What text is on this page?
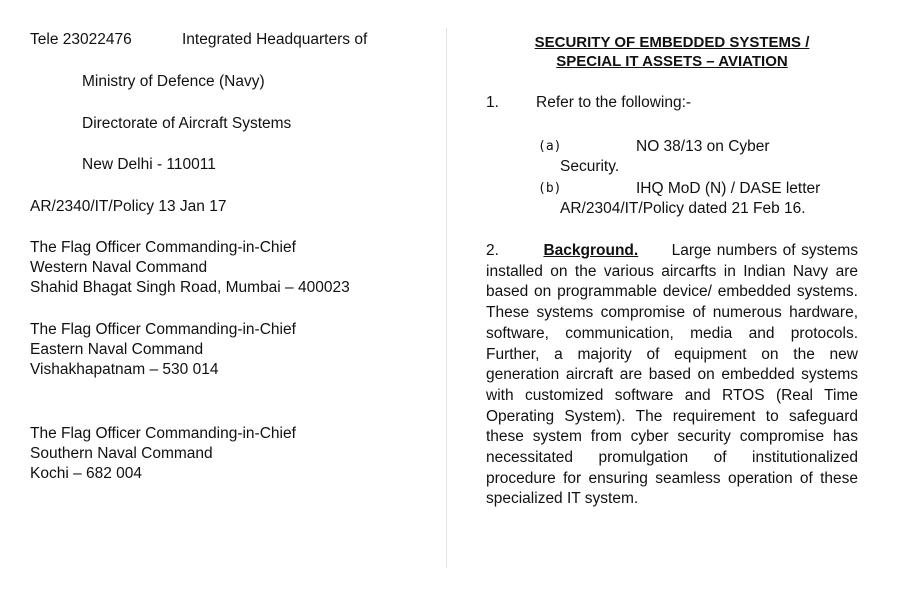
Tele 23022476	Integrated Headquarters of
Ministry of Defence (Navy)
Directorate of Aircraft Systems
New Delhi - 110011
AR/2340/IT/Policy 13 Jan 17
The Flag Officer Commanding-in-Chief
Western Naval Command
Shahid Bhagat Singh Road, Mumbai – 400023
The Flag Officer Commanding-in-Chief
Eastern Naval Command
Vishakhapatnam – 530 014
The Flag Officer Commanding-in-Chief
Southern Naval Command
Kochi – 682 004
SECURITY OF EMBEDDED SYSTEMS /
SPECIAL IT ASSETS – AVIATION
1. Refer to the following:-
(a)	NO 38/13 on Cyber
Security.
(b)	IHQ MoD (N) / DASE letter
AR/2304/IT/Policy dated 21 Feb 16.
2.	Background. Large numbers of systems installed on the various aircarfts in Indian Navy are based on programmable device/ embedded systems. These systems compromise of numerous hardware, software, communication, media and protocols. Further, a majority of equipment on the new generation aircraft are based on embedded systems with customized software and RTOS (Real Time Operating System). The requirement to safeguard these system from cyber security compromise has necessitated promulgation of institutionalized procedure for ensuring seamless operation of these specialized IT system.
